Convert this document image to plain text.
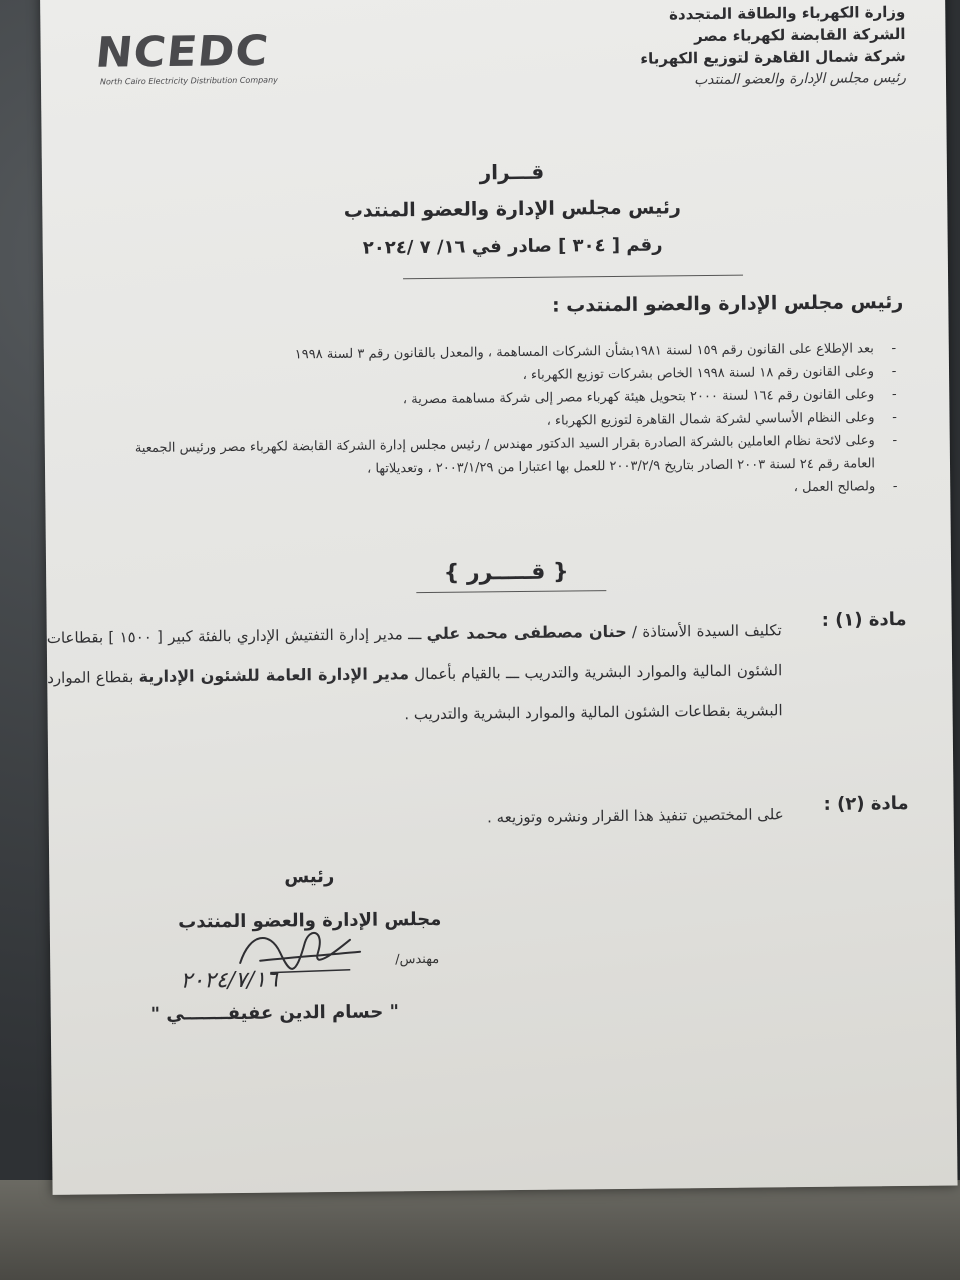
وزارة الكهرباء والطاقة المتجددة
الشركة القابضة لكهرباء مصر
شركة شمال القاهرة لتوزيع الكهرباء
رئيس مجلس الإدارة والعضو المنتدب
NCEDC
North Cairo Electricity Distribution Company
قـــرار
رئيس مجلس الإدارة والعضو المنتدب
رقم [ ٣٠٤ ] صادر في ١٦/ ٧ /٢٠٢٤
رئيس مجلس الإدارة والعضو المنتدب :
-
بعد الإطلاع على القانون رقم ١٥٩ لسنة ١٩٨١بشأن الشركات المساهمة ، والمعدل بالقانون رقم ٣ لسنة ١٩٩٨
-
وعلى القانون رقم ١٨ لسنة ١٩٩٨ الخاص بشركات توزيع الكهرباء ،
-
وعلى القانون رقم ١٦٤ لسنة ٢٠٠٠ بتحويل هيئة كهرباء مصر إلى شركة مساهمة مصرية ،
-
وعلى النظام الأساسي لشركة شمال القاهرة لتوزيع الكهرباء ،
-
وعلى لائحة نظام العاملين بالشركة الصادرة بقرار السيد الدكتور مهندس / رئيس مجلس إدارة الشركة القابضة لكهرباء مصر ورئيس الجمعية العامة رقم ٢٤ لسنة ٢٠٠٣ الصادر بتاريخ ٢٠٠٣/٢/٩ للعمل بها اعتبارا من ٢٠٠٣/١/٢٩ ، وتعديلاتها ،
-
ولصالح العمل ،
{ قـــــرر }
مادة (١) :
تكليف السيدة الأستاذة / حنان مصطفى محمد علي ـــ مدير إدارة التفتيش الإداري بالفئة كبير [ ١٥٠٠ ] بقطاعات الشئون المالية والموارد البشرية والتدريب ـــ بالقيام بأعمال مدير الإدارة العامة للشئون الإدارية بقطاع الموارد البشرية بقطاعات الشئون المالية والموارد البشرية والتدريب .
مادة (٢) :
على المختصين تنفيذ هذا القرار ونشره وتوزيعه .
رئيس
مجلس الإدارة والعضو المنتدب
مهندس/
٢٠٢٤/٧/١٦
" حسام الدين عفيفـــــــي "
